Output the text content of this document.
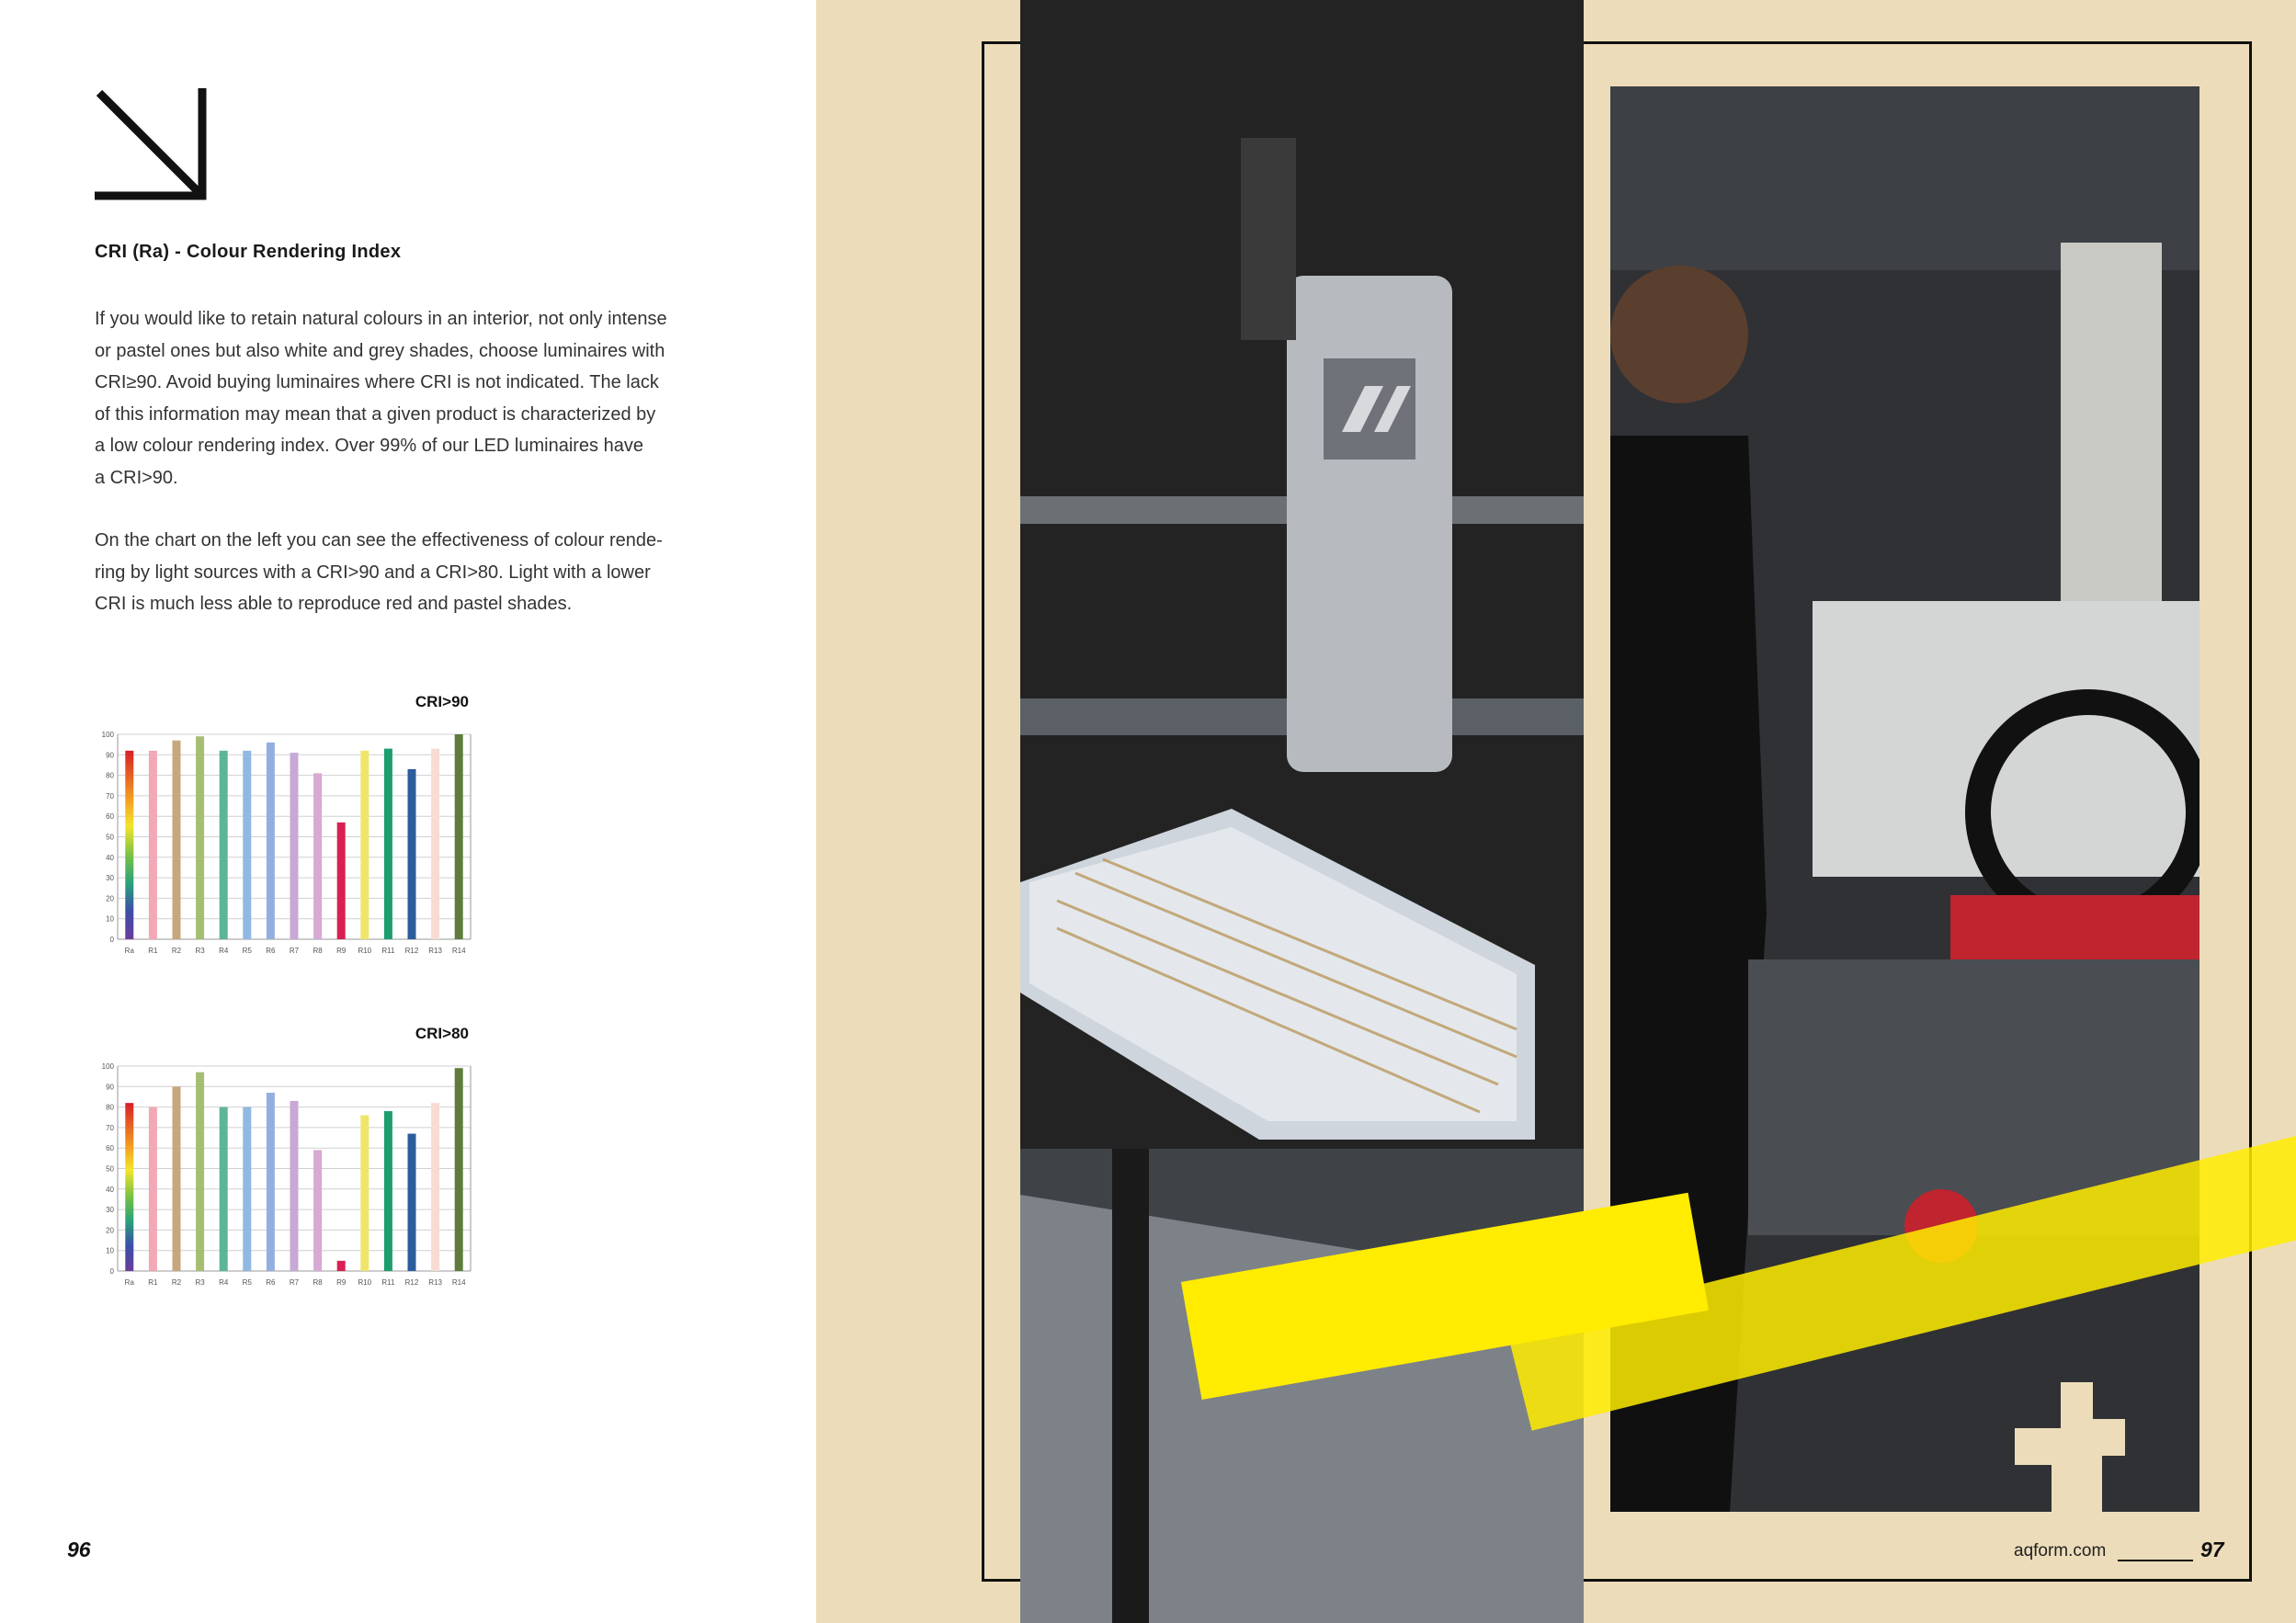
CRI (Ra) - Colour Rendering Index
If you would like to retain natural colours in an interior, not only intense
or pastel ones but also white and grey shades, choose luminaires with
CRI≥90. Avoid buying luminaires where CRI is not indicated. The lack
of this information may mean that a given product is characterized by
a low colour rendering index. Over 99% of our LED luminaires have
a CRI>90.
On the chart on the left you can see the effectiveness of colour rende-
ring by light sources with a CRI>90 and a CRI>80. Light with a lower
CRI is much less able to reproduce red and pastel shades.
CRI>90
0
10
20
30
40
50
60
70
80
90
100
Ra R1 R2 R3 R4 R5 R6 R7 R8 R9 R10 R11 R12 R13 R14
CRI>80
0
10
20
30
40
50
60
70
80
90
100
Ra R1 R2 R3 R4 R5 R6 R7 R8 R9 R10 R11 R12 R13 R14
96	aqform.com	97
